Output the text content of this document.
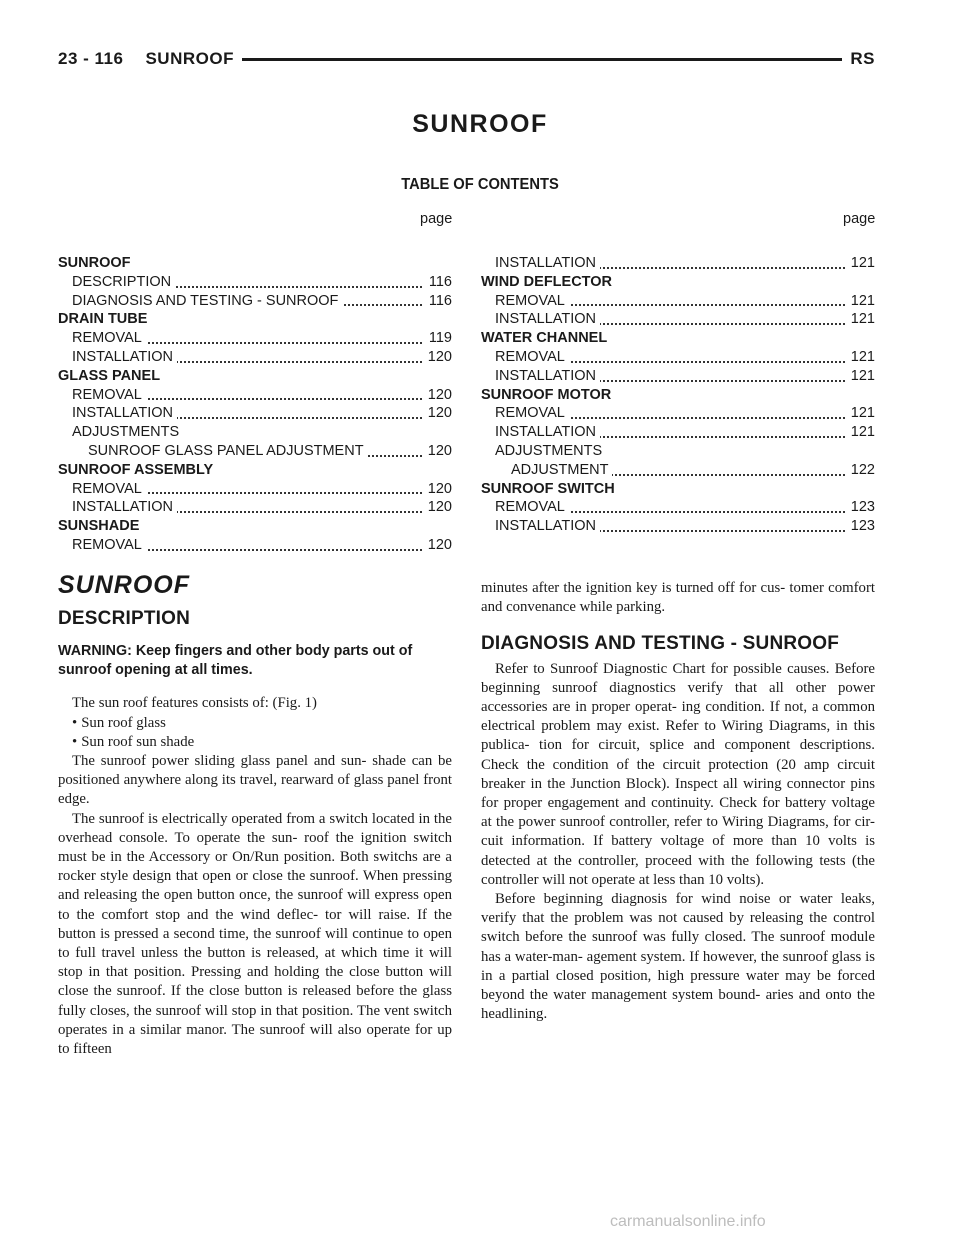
23 - 116 SUNROOF	RS
SUNROOF
TABLE OF CONTENTS
page	page
SUNROOF
DESCRIPTION	116
DIAGNOSIS AND TESTING - SUNROOF	116
DRAIN TUBE
REMOVAL	119
INSTALLATION	120
GLASS PANEL
REMOVAL	120
INSTALLATION	120
ADJUSTMENTS
SUNROOF GLASS PANEL ADJUSTMENT	120
SUNROOF ASSEMBLY
REMOVAL	120
INSTALLATION	120
SUNSHADE
REMOVAL	120
INSTALLATION	121
WIND DEFLECTOR
REMOVAL	121
INSTALLATION	121
WATER CHANNEL
REMOVAL	121
INSTALLATION	121
SUNROOF MOTOR
REMOVAL	121
INSTALLATION	121
ADJUSTMENTS
ADJUSTMENT	122
SUNROOF SWITCH
REMOVAL	123
INSTALLATION	123
SUNROOF
DESCRIPTION

WARNING: Keep fingers and other body parts out of sunroof opening at all times.

The sun roof features consists of: (Fig. 1)

• Sun roof glass

• Sun roof sun shade

The sunroof power sliding glass panel and sun- shade can be positioned anywhere along its travel, rearward of glass panel front edge.

The sunroof is electrically operated from a switch located in the overhead console. To operate the sun- roof the ignition switch must be in the Accessory or On/Run position. Both switchs are a rocker style design that open or close the sunroof. When pressing and releasing the open button once, the sunroof will express open to the comfort stop and the wind deflec- tor will raise. If the button is pressed a second time, the sunroof will continue to open to full travel unless the button is released, at which time it will stop in that position. Pressing and holding the close button will close the sunroof. If the close button is released before the glass fully closes, the sunroof will stop in that position. The vent switch operates in a similar manor. The sunroof will also operate for up to fifteen

minutes after the ignition key is turned off for cus- tomer comfort and convenance while parking.

DIAGNOSIS AND TESTING - SUNROOF

Refer to Sunroof Diagnostic Chart for possible causes. Before beginning sunroof diagnostics verify that all other power accessories are in proper operat- ing condition. If not, a common electrical problem may exist. Refer to Wiring Diagrams, in this publica- tion for circuit, splice and component descriptions. Check the condition of the circuit protection (20 amp circuit breaker in the Junction Block). Inspect all wiring connector pins for proper engagement and continuity. Check for battery voltage at the power sunroof controller, refer to Wiring Diagrams, for cir- cuit information. If battery voltage of more than 10 volts is detected at the controller, proceed with the following tests (the controller will not operate at less than 10 volts).

Before beginning diagnosis for wind noise or water leaks, verify that the problem was not caused by releasing the control switch before the sunroof was fully closed. The sunroof module has a water-man- agement system. If however, the sunroof glass is in a partial closed position, high pressure water may be forced beyond the water management system bound- aries and onto the headlining.

carmanualsonline.info
